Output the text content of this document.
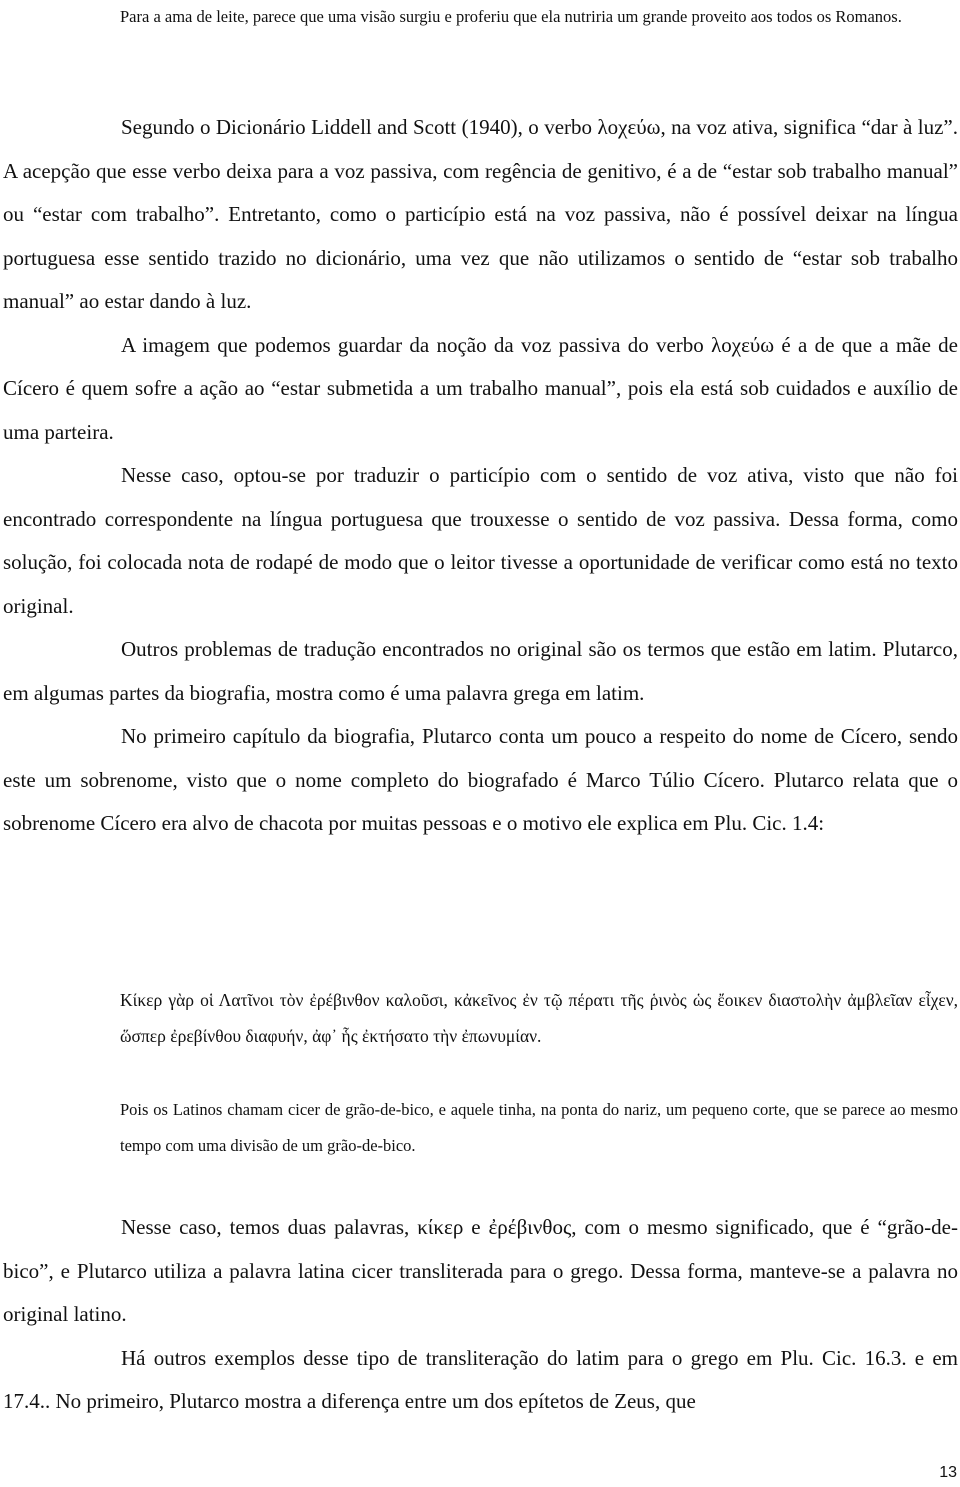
Para a ama de leite, parece que uma visão surgiu e proferiu que ela nutriria um grande proveito aos todos os Romanos.

Segundo o Dicionário Liddell and Scott (1940), o verbo λοχεύω, na voz ativa, significa “dar à luz”. A acepção que esse verbo deixa para a voz passiva, com regência de genitivo, é a de “estar sob trabalho manual” ou “estar com trabalho”. Entretanto, como o particípio está na voz passiva, não é possível deixar na língua portuguesa esse sentido trazido no dicionário, uma vez que não utilizamos o sentido de “estar sob trabalho manual” ao estar dando à luz.

A imagem que podemos guardar da noção da voz passiva do verbo λοχεύω é a de que a mãe de Cícero é quem sofre a ação ao “estar submetida a um trabalho manual”, pois ela está sob cuidados e auxílio de uma parteira.

Nesse caso, optou-se por traduzir o particípio com o sentido de voz ativa, visto que não foi encontrado correspondente na língua portuguesa que trouxesse o sentido de voz passiva. Dessa forma, como solução, foi colocada nota de rodapé de modo que o leitor tivesse a oportunidade de verificar como está no texto original.

Outros problemas de tradução encontrados no original são os termos que estão em latim. Plutarco, em algumas partes da biografia, mostra como é uma palavra grega em latim.

No primeiro capítulo da biografia, Plutarco conta um pouco a respeito do nome de Cícero, sendo este um sobrenome, visto que o nome completo do biografado é Marco Túlio Cícero. Plutarco relata que o sobrenome Cícero era alvo de chacota por muitas pessoas e o motivo ele explica em Plu. Cic. 1.4:

Κίκερ γὰρ οἱ Λατῖνοι τὸν ἐρέβινθον καλοῦσι, κἀκεῖνος ἐν τῷ πέρατι τῆς ῥινὸς ὡς ἔοικεν διαστολὴν ἀμβλεῖαν εἶχεν, ὥσπερ ἐρεβίνθου διαφυήν, ἀφ᾽ ἧς ἐκτήσατο τὴν ἐπωνυμίαν.
Pois os Latinos chamam cicer de grão-de-bico, e aquele tinha, na ponta do nariz, um pequeno corte, que se parece ao mesmo tempo com uma divisão de um grão-de-bico.

Nesse caso, temos duas palavras, κίκερ e ἐρέβινθος, com o mesmo significado, que é “grão-de-bico”, e Plutarco utiliza a palavra latina cicer transliterada para o grego. Dessa forma, manteve-se a palavra no original latino.

Há outros exemplos desse tipo de transliteração do latim para o grego em Plu. Cic. 16.3. e em 17.4.. No primeiro, Plutarco mostra a diferença entre um dos epítetos de Zeus, que

13
